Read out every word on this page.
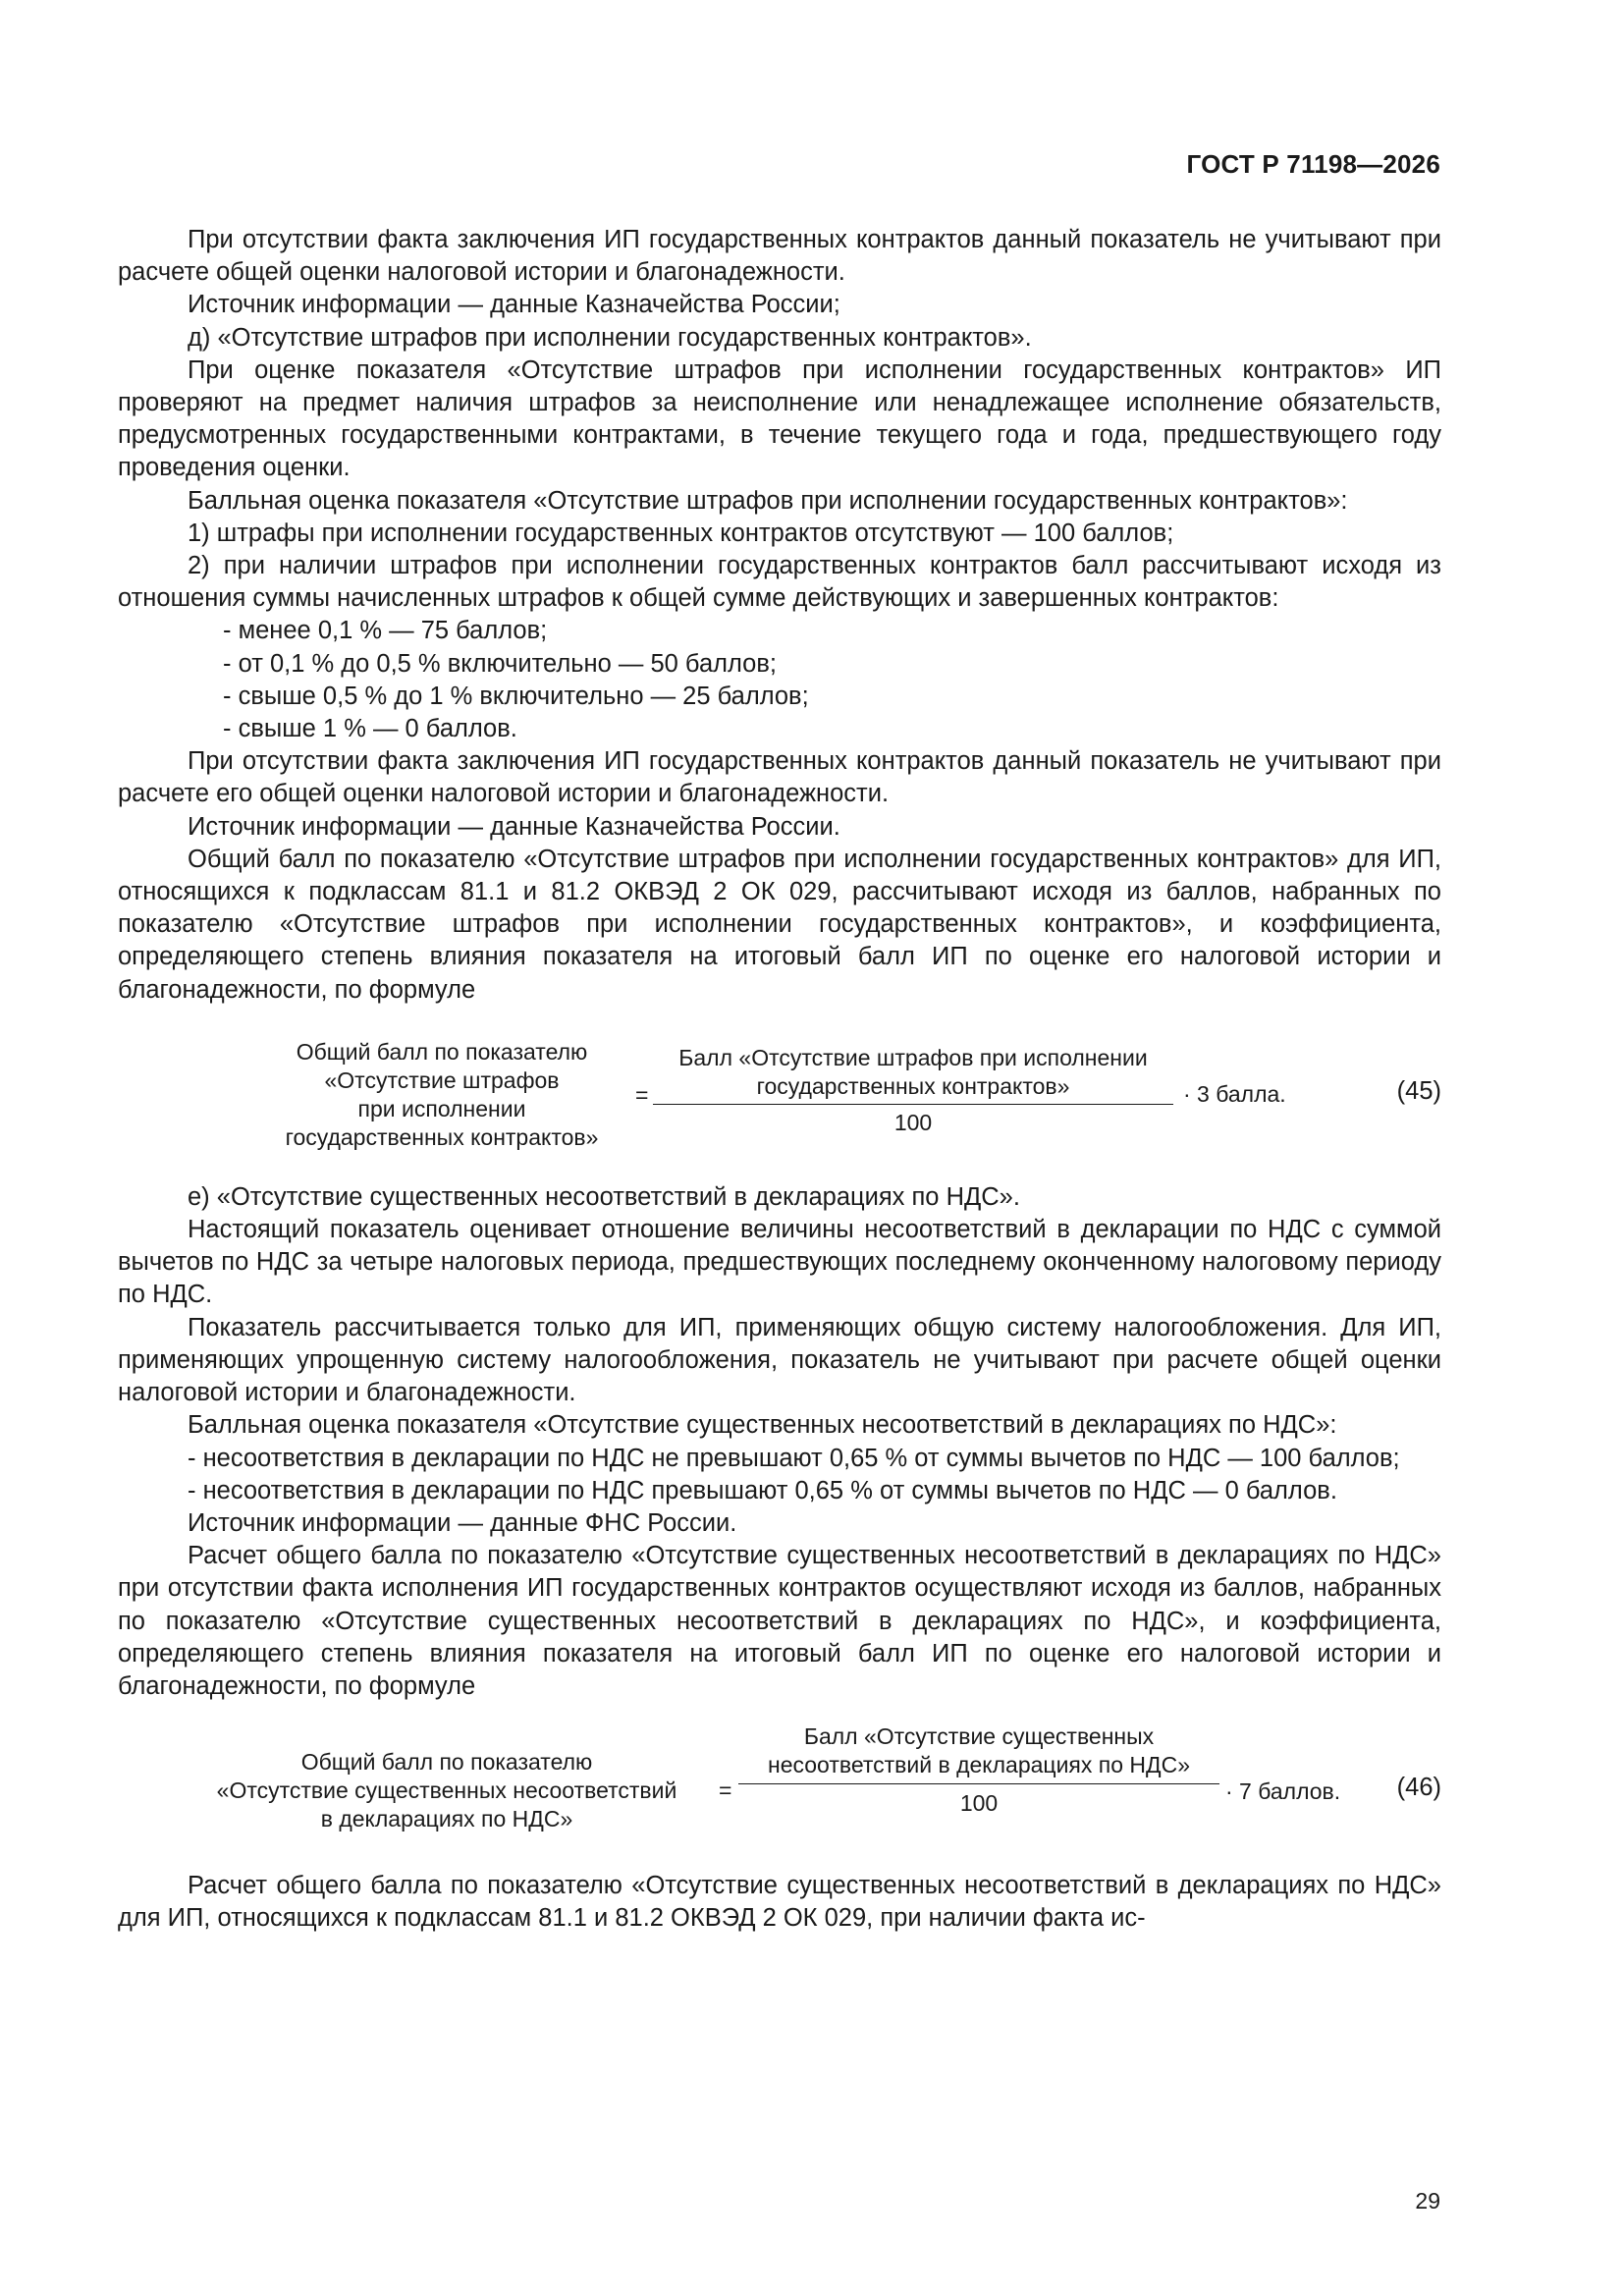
ГОСТ Р 71198—2026

При отсутствии факта заключения ИП государственных контрактов данный показатель не учитывают при расчете общей оценки налоговой истории и благонадежности.

Источник информации — данные Казначейства России;

д) «Отсутствие штрафов при исполнении государственных контрактов».

При оценке показателя «Отсутствие штрафов при исполнении государственных контрактов» ИП проверяют на предмет наличия штрафов за неисполнение или ненадлежащее исполнение обязательств, предусмотренных государственными контрактами, в течение текущего года и года, предшествующего году проведения оценки.

Балльная оценка показателя «Отсутствие штрафов при исполнении государственных контрактов»:

1) штрафы при исполнении государственных контрактов отсутствуют — 100 баллов;

2) при наличии штрафов при исполнении государственных контрактов балл рассчитывают исходя из отношения суммы начисленных штрафов к общей сумме действующих и завершенных контрактов:

- менее 0,1 % — 75 баллов;
- от 0,1 % до 0,5 % включительно — 50 баллов;
- свыше 0,5 % до 1 % включительно — 25 баллов;
- свыше 1 % — 0 баллов.

При отсутствии факта заключения ИП государственных контрактов данный показатель не учитывают при расчете его общей оценки налоговой истории и благонадежности.

Источник информации — данные Казначейства России.

Общий балл по показателю «Отсутствие штрафов при исполнении государственных контрактов» для ИП, относящихся к подклассам 81.1 и 81.2 ОКВЭД 2 ОК 029, рассчитывают исходя из баллов, набранных по показателю «Отсутствие штрафов при исполнении государственных контрактов», и коэффициента, определяющего степень влияния показателя на итоговый балл ИП по оценке его налоговой истории и благонадежности, по формуле

Общий балл по показателю
«Отсутствие штрафов
при исполнении
государственных контрактов»
=
Балл «Отсутствие штрафов при исполнении
государственных контрактов»
100
· 3 балла.	(45)

е) «Отсутствие существенных несоответствий в декларациях по НДС».

Настоящий показатель оценивает отношение величины несоответствий в декларации по НДС с суммой вычетов по НДС за четыре налоговых периода, предшествующих последнему оконченному налоговому периоду по НДС.

Показатель рассчитывается только для ИП, применяющих общую систему налогообложения. Для ИП, применяющих упрощенную систему налогообложения, показатель не учитывают при расчете общей оценки налоговой истории и благонадежности.

Балльная оценка показателя «Отсутствие существенных несоответствий в декларациях по НДС»:

- несоответствия в декларации по НДС не превышают 0,65 % от суммы вычетов по НДС — 100 баллов;

- несоответствия в декларации по НДС превышают 0,65 % от суммы вычетов по НДС — 0 баллов.

Источник информации — данные ФНС России.

Расчет общего балла по показателю «Отсутствие существенных несоответствий в декларациях по НДС» при отсутствии факта исполнения ИП государственных контрактов осуществляют исходя из баллов, набранных по показателю «Отсутствие существенных несоответствий в декларациях по НДС», и коэффициента, определяющего степень влияния показателя на итоговый балл ИП по оценке его налоговой истории и благонадежности, по формуле

Общий балл по показателю
«Отсутствие существенных несоответствий
в декларациях по НДС»
=
Балл «Отсутствие существенных
несоответствий в декларациях по НДС»
100	· 7 баллов. (46)

Расчет общего балла по показателю «Отсутствие существенных несоответствий в декларациях по НДС» для ИП, относящихся к подклассам 81.1 и 81.2 ОКВЭД 2 ОК 029, при наличии факта ис-

29
